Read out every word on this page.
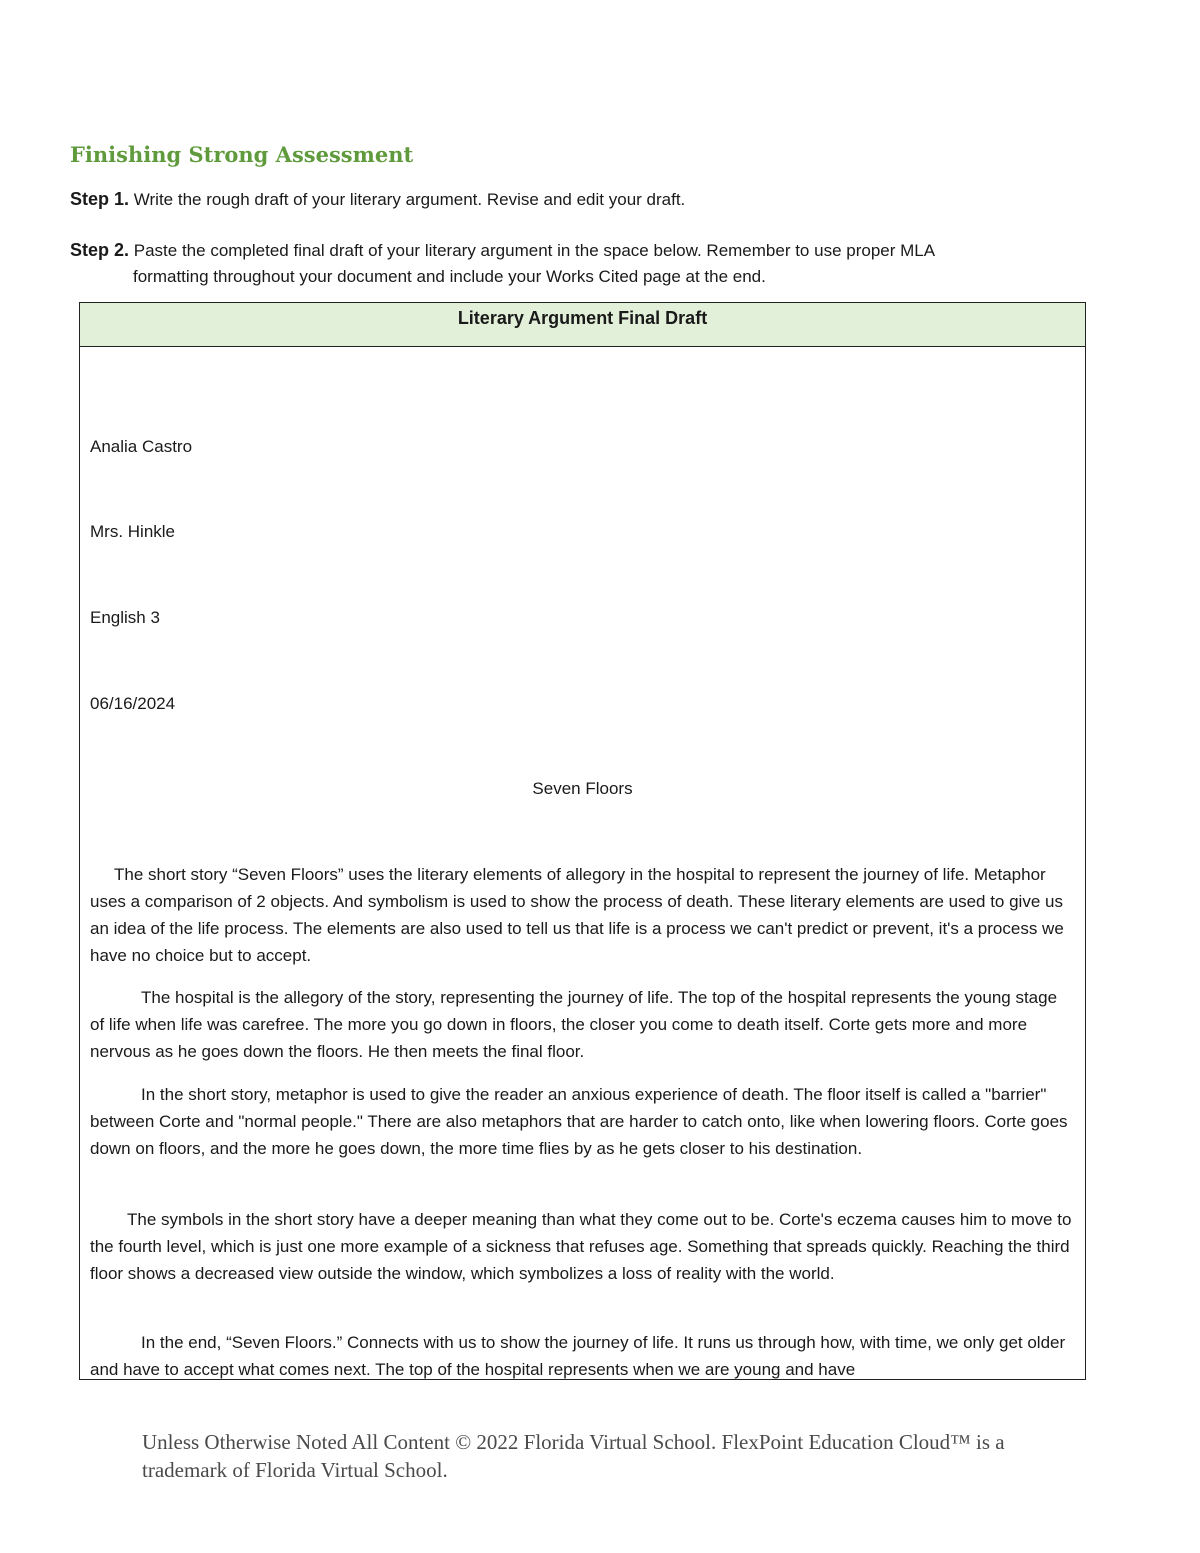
Finishing Strong Assessment
Step 1. Write the rough draft of your literary argument. Revise and edit your draft.
Step 2. Paste the completed final draft of your literary argument in the space below. Remember to use proper MLA
formatting throughout your document and include your Works Cited page at the end.
Literary Argument Final Draft

Analia Castro

Mrs. Hinkle

English 3

06/16/2024

Seven Floors

The short story “Seven Floors” uses the literary elements of allegory in the hospital to represent the journey of life. Metaphor uses a comparison of 2 objects. And symbolism is used to show the process of death. These literary elements are used to give us an idea of the life process. The elements are also used to tell us that life is a process we can't predict or prevent, it's a process we have no choice but to accept.

The hospital is the allegory of the story, representing the journey of life. The top of the hospital represents the young stage of life when life was carefree. The more you go down in floors, the closer you come to death itself. Corte gets more and more nervous as he goes down the floors. He then meets the final floor.

In the short story, metaphor is used to give the reader an anxious experience of death. The floor itself is called a "barrier" between Corte and "normal people." There are also metaphors that are harder to catch onto, like when lowering floors. Corte goes down on floors, and the more he goes down, the more time flies by as he gets closer to his destination.

The symbols in the short story have a deeper meaning than what they come out to be. Corte's eczema causes him to move to the fourth level, which is just one more example of a sickness that refuses age. Something that spreads quickly. Reaching the third floor shows a decreased view outside the window, which symbolizes a loss of reality with the world.

In the end, “Seven Floors.” Connects with us to show the journey of life. It runs us through how, with time, we only get older and have to accept what comes next. The top of the hospital represents when we are young and have

Unless Otherwise Noted All Content © 2022 Florida Virtual School. FlexPoint Education Cloud™ is a trademark of Florida Virtual School.
